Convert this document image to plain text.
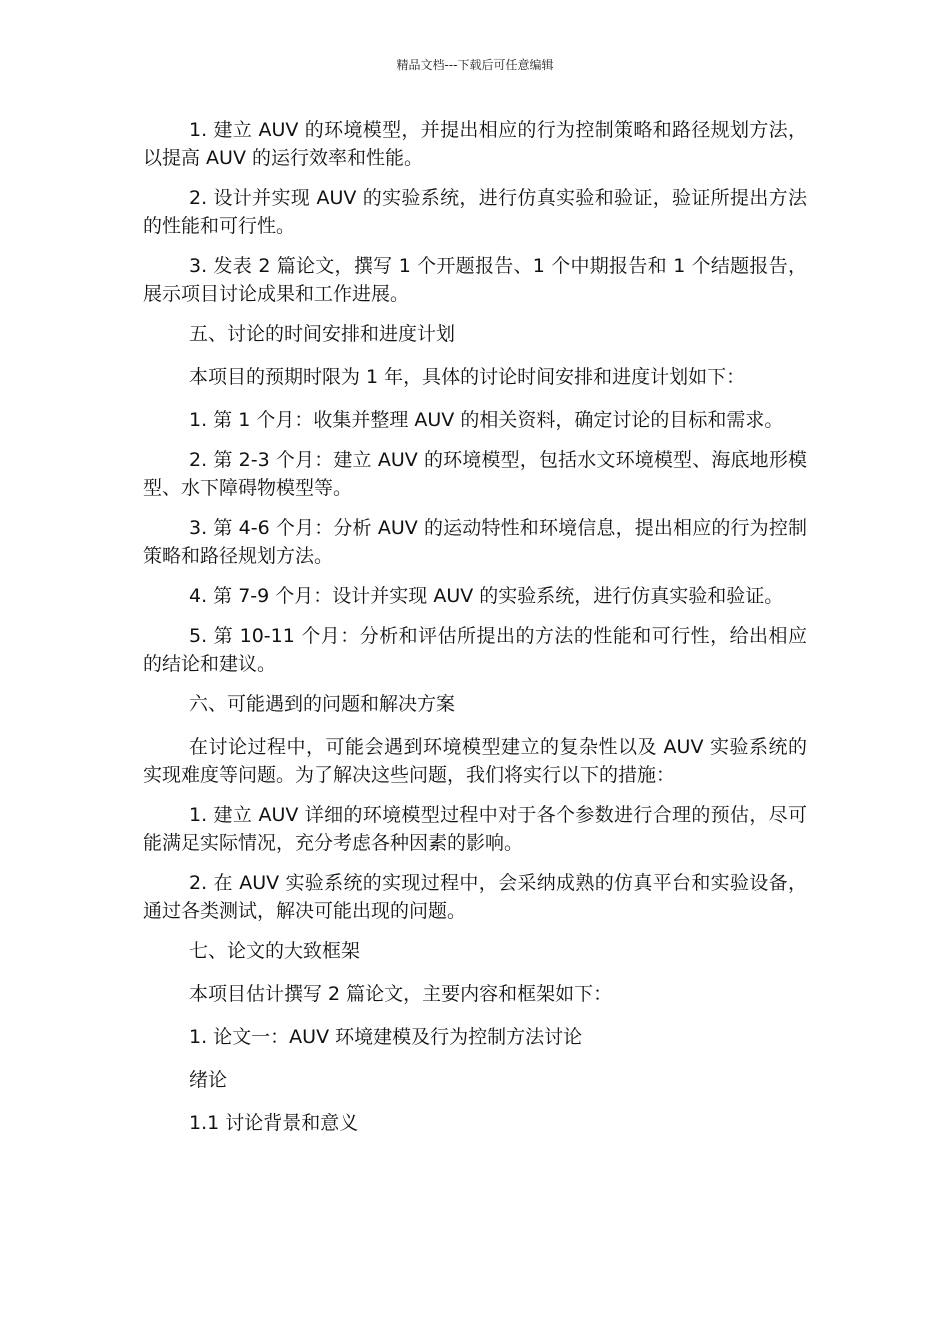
精品文档---下载后可任意编辑

1. 建立 AUV 的环境模型，并提出相应的行为控制策略和路径规划方法，以提高 AUV 的运行效率和性能。

2. 设计并实现 AUV 的实验系统，进行仿真实验和验证，验证所提出方法的性能和可行性。

3. 发表 2 篇论文，撰写 1 个开题报告、1 个中期报告和 1 个结题报告，展示项目讨论成果和工作进展。

五、讨论的时间安排和进度计划

本项目的预期时限为 1 年，具体的讨论时间安排和进度计划如下：

1. 第 1 个月：收集并整理 AUV 的相关资料，确定讨论的目标和需求。

2. 第 2-3 个月：建立 AUV 的环境模型，包括水文环境模型、海底地形模型、水下障碍物模型等。

3. 第 4-6 个月：分析 AUV 的运动特性和环境信息，提出相应的行为控制策略和路径规划方法。

4. 第 7-9 个月：设计并实现 AUV 的实验系统，进行仿真实验和验证。

5. 第 10-11 个月：分析和评估所提出的方法的性能和可行性，给出相应的结论和建议。

六、可能遇到的问题和解决方案

在讨论过程中，可能会遇到环境模型建立的复杂性以及 AUV 实验系统的实现难度等问题。为了解决这些问题，我们将实行以下的措施：

1. 建立 AUV 详细的环境模型过程中对于各个参数进行合理的预估，尽可能满足实际情况，充分考虑各种因素的影响。

2. 在 AUV 实验系统的实现过程中，会采纳成熟的仿真平台和实验设备，通过各类测试，解决可能出现的问题。

七、论文的大致框架

本项目估计撰写 2 篇论文，主要内容和框架如下：

1. 论文一：AUV 环境建模及行为控制方法讨论

绪论

1.1 讨论背景和意义
